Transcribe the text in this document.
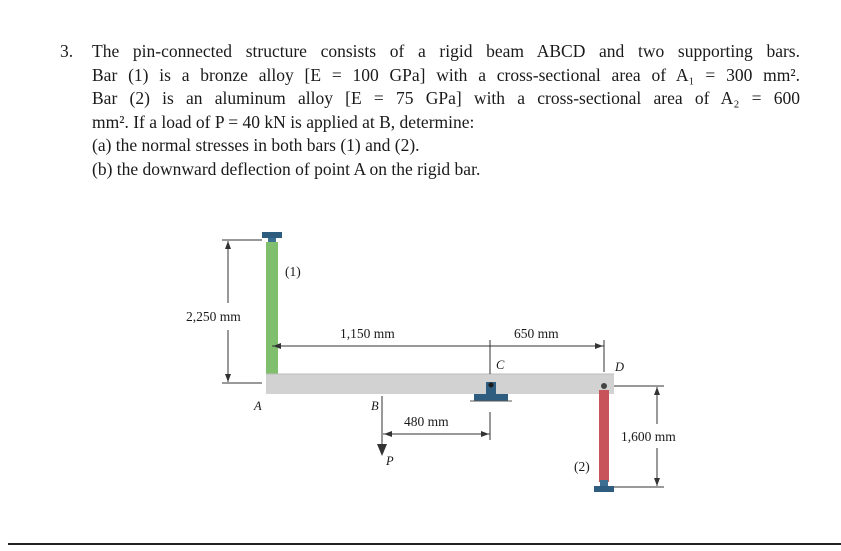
3. The pin-connected structure consists of a rigid beam ABCD and two supporting bars.
Bar (1) is a bronze alloy [E = 100 GPa] with a cross-sectional area of A₁ = 300 mm².
Bar (2) is an aluminum alloy [E = 75 GPa] with a cross-sectional area of A₂ = 600
mm². If a load of P = 40 kN is applied at B, determine:
(a) the normal stresses in both bars (1) and (2).
(b) the downward deflection of point A on the rigid bar.
2,250 mm
(1)
1,150 mm	650 mm
A	B
C	D
P
480 mm
1,600 mm
(2)
